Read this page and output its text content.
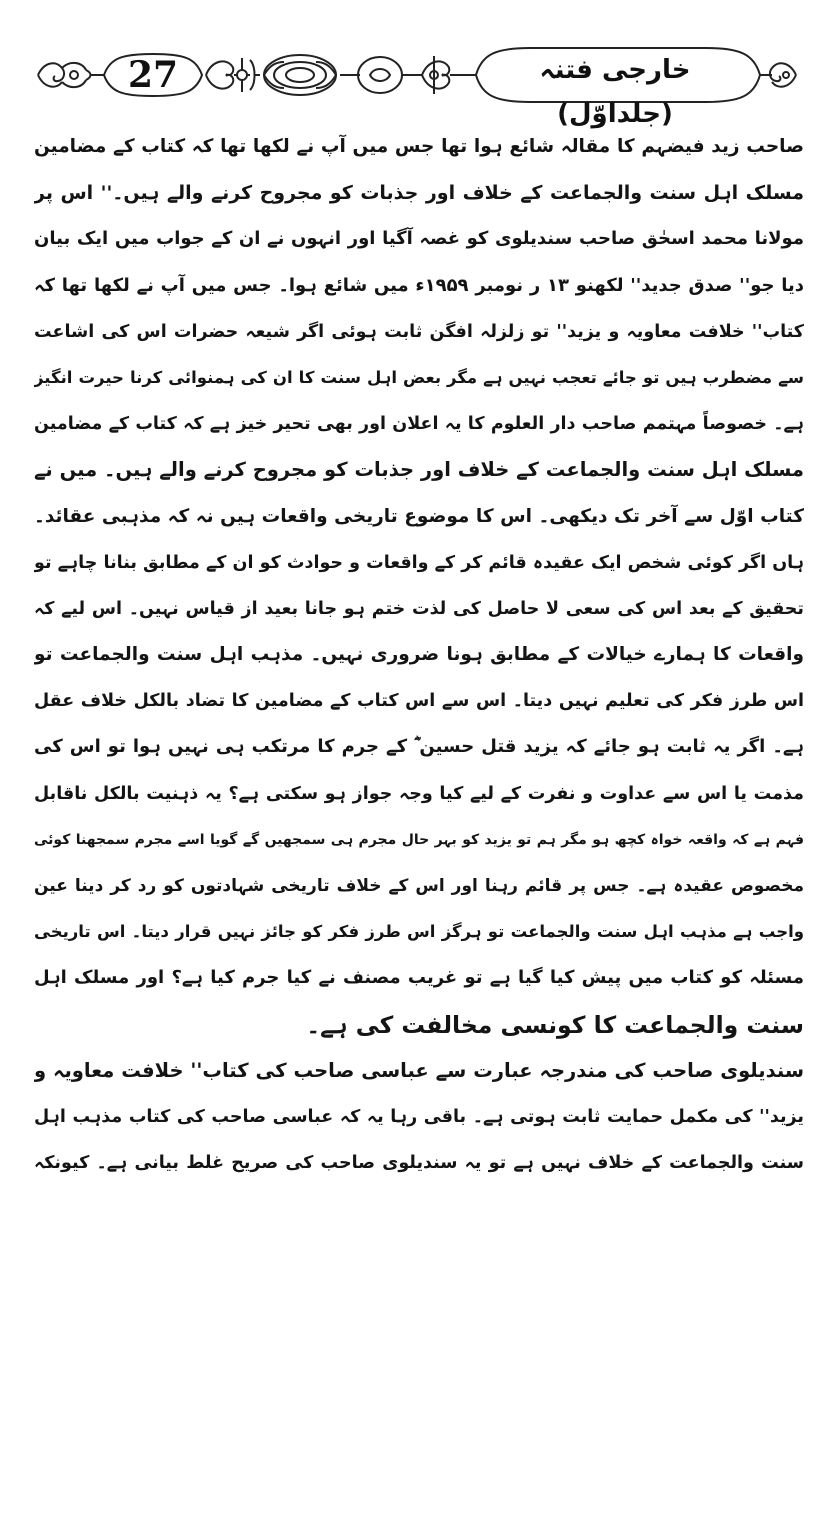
27	خارجی فتنہ (جلداوّل)
صاحب زید فیضہم کا مقالہ شائع ہوا تھا جس میں آپ نے لکھا تھا کہ کتاب کے مضامین
مسلک اہل سنت والجماعت کے خلاف اور جذبات کو مجروح کرنے والے ہیں۔'' اس پر
مولانا محمد اسحٰق صاحب سندیلوی کو غصہ آگیا اور انہوں نے ان کے جواب میں ایک بیان
دیا جو'' صدق جدید'' لکھنو ۱۳ ر نومبر ۱۹۵۹ء میں شائع ہوا۔ جس میں آپ نے لکھا تھا کہ
کتاب'' خلافت معاویہ و یزید'' تو زلزلہ افگن ثابت ہوئی اگر شیعہ حضرات اس کی اشاعت
سے مضطرب ہیں تو جائے تعجب نہیں ہے مگر بعض اہل سنت کا ان کی ہمنوائی کرنا حیرت انگیز
ہے۔ خصوصاً مہتمم صاحب دار العلوم کا یہ اعلان اور بھی تحیر خیز ہے کہ کتاب کے مضامین
مسلک اہل سنت والجماعت کے خلاف اور جذبات کو مجروح کرنے والے ہیں۔ میں نے
کتاب اوّل سے آخر تک دیکھی۔ اس کا موضوع تاریخی واقعات ہیں نہ کہ مذہبی عقائد۔
ہاں اگر کوئی شخص ایک عقیدہ قائم کر کے واقعات و حوادث کو ان کے مطابق بنانا چاہے تو
تحقیق کے بعد اس کی سعی لا حاصل کی لذت ختم ہو جانا بعید از قیاس نہیں۔ اس لیے کہ
واقعات کا ہمارے خیالات کے مطابق ہونا ضروری نہیں۔ مذہب اہل سنت والجماعت تو
اس طرز فکر کی تعلیم نہیں دیتا۔ اس سے اس کتاب کے مضامین کا تضاد بالکل خلاف عقل
ہے۔ اگر یہ ثابت ہو جائے کہ یزید قتل حسین ؓ کے جرم کا مرتکب ہی نہیں ہوا تو اس کی
مذمت یا اس سے عداوت و نفرت کے لیے کیا وجہ جواز ہو سکتی ہے؟ یہ ذہنیت بالکل ناقابل
فہم ہے کہ واقعہ خواہ کچھ ہو مگر ہم تو یزید کو بہر حال مجرم ہی سمجھیں گے گویا اسے مجرم سمجھنا کوئی
مخصوص عقیدہ ہے۔ جس پر قائم رہنا اور اس کے خلاف تاریخی شہادتوں کو رد کر دینا عین
واجب ہے مذہب اہل سنت والجماعت تو ہرگز اس طرز فکر کو جائز نہیں قرار دیتا۔ اس تاریخی
مسئلہ کو کتاب میں پیش کیا گیا ہے تو غریب مصنف نے کیا جرم کیا ہے؟ اور مسلک اہل
سنت والجماعت کا کونسی مخالفت کی ہے۔
سندیلوی صاحب کی مندرجہ عبارت سے عباسی صاحب کی کتاب'' خلافت معاویہ و
یزید'' کی مکمل حمایت ثابت ہوتی ہے۔ باقی رہا یہ کہ عباسی صاحب کی کتاب مذہب اہل
سنت والجماعت کے خلاف نہیں ہے تو یہ سندیلوی صاحب کی صریح غلط بیانی ہے۔ کیونکہ
